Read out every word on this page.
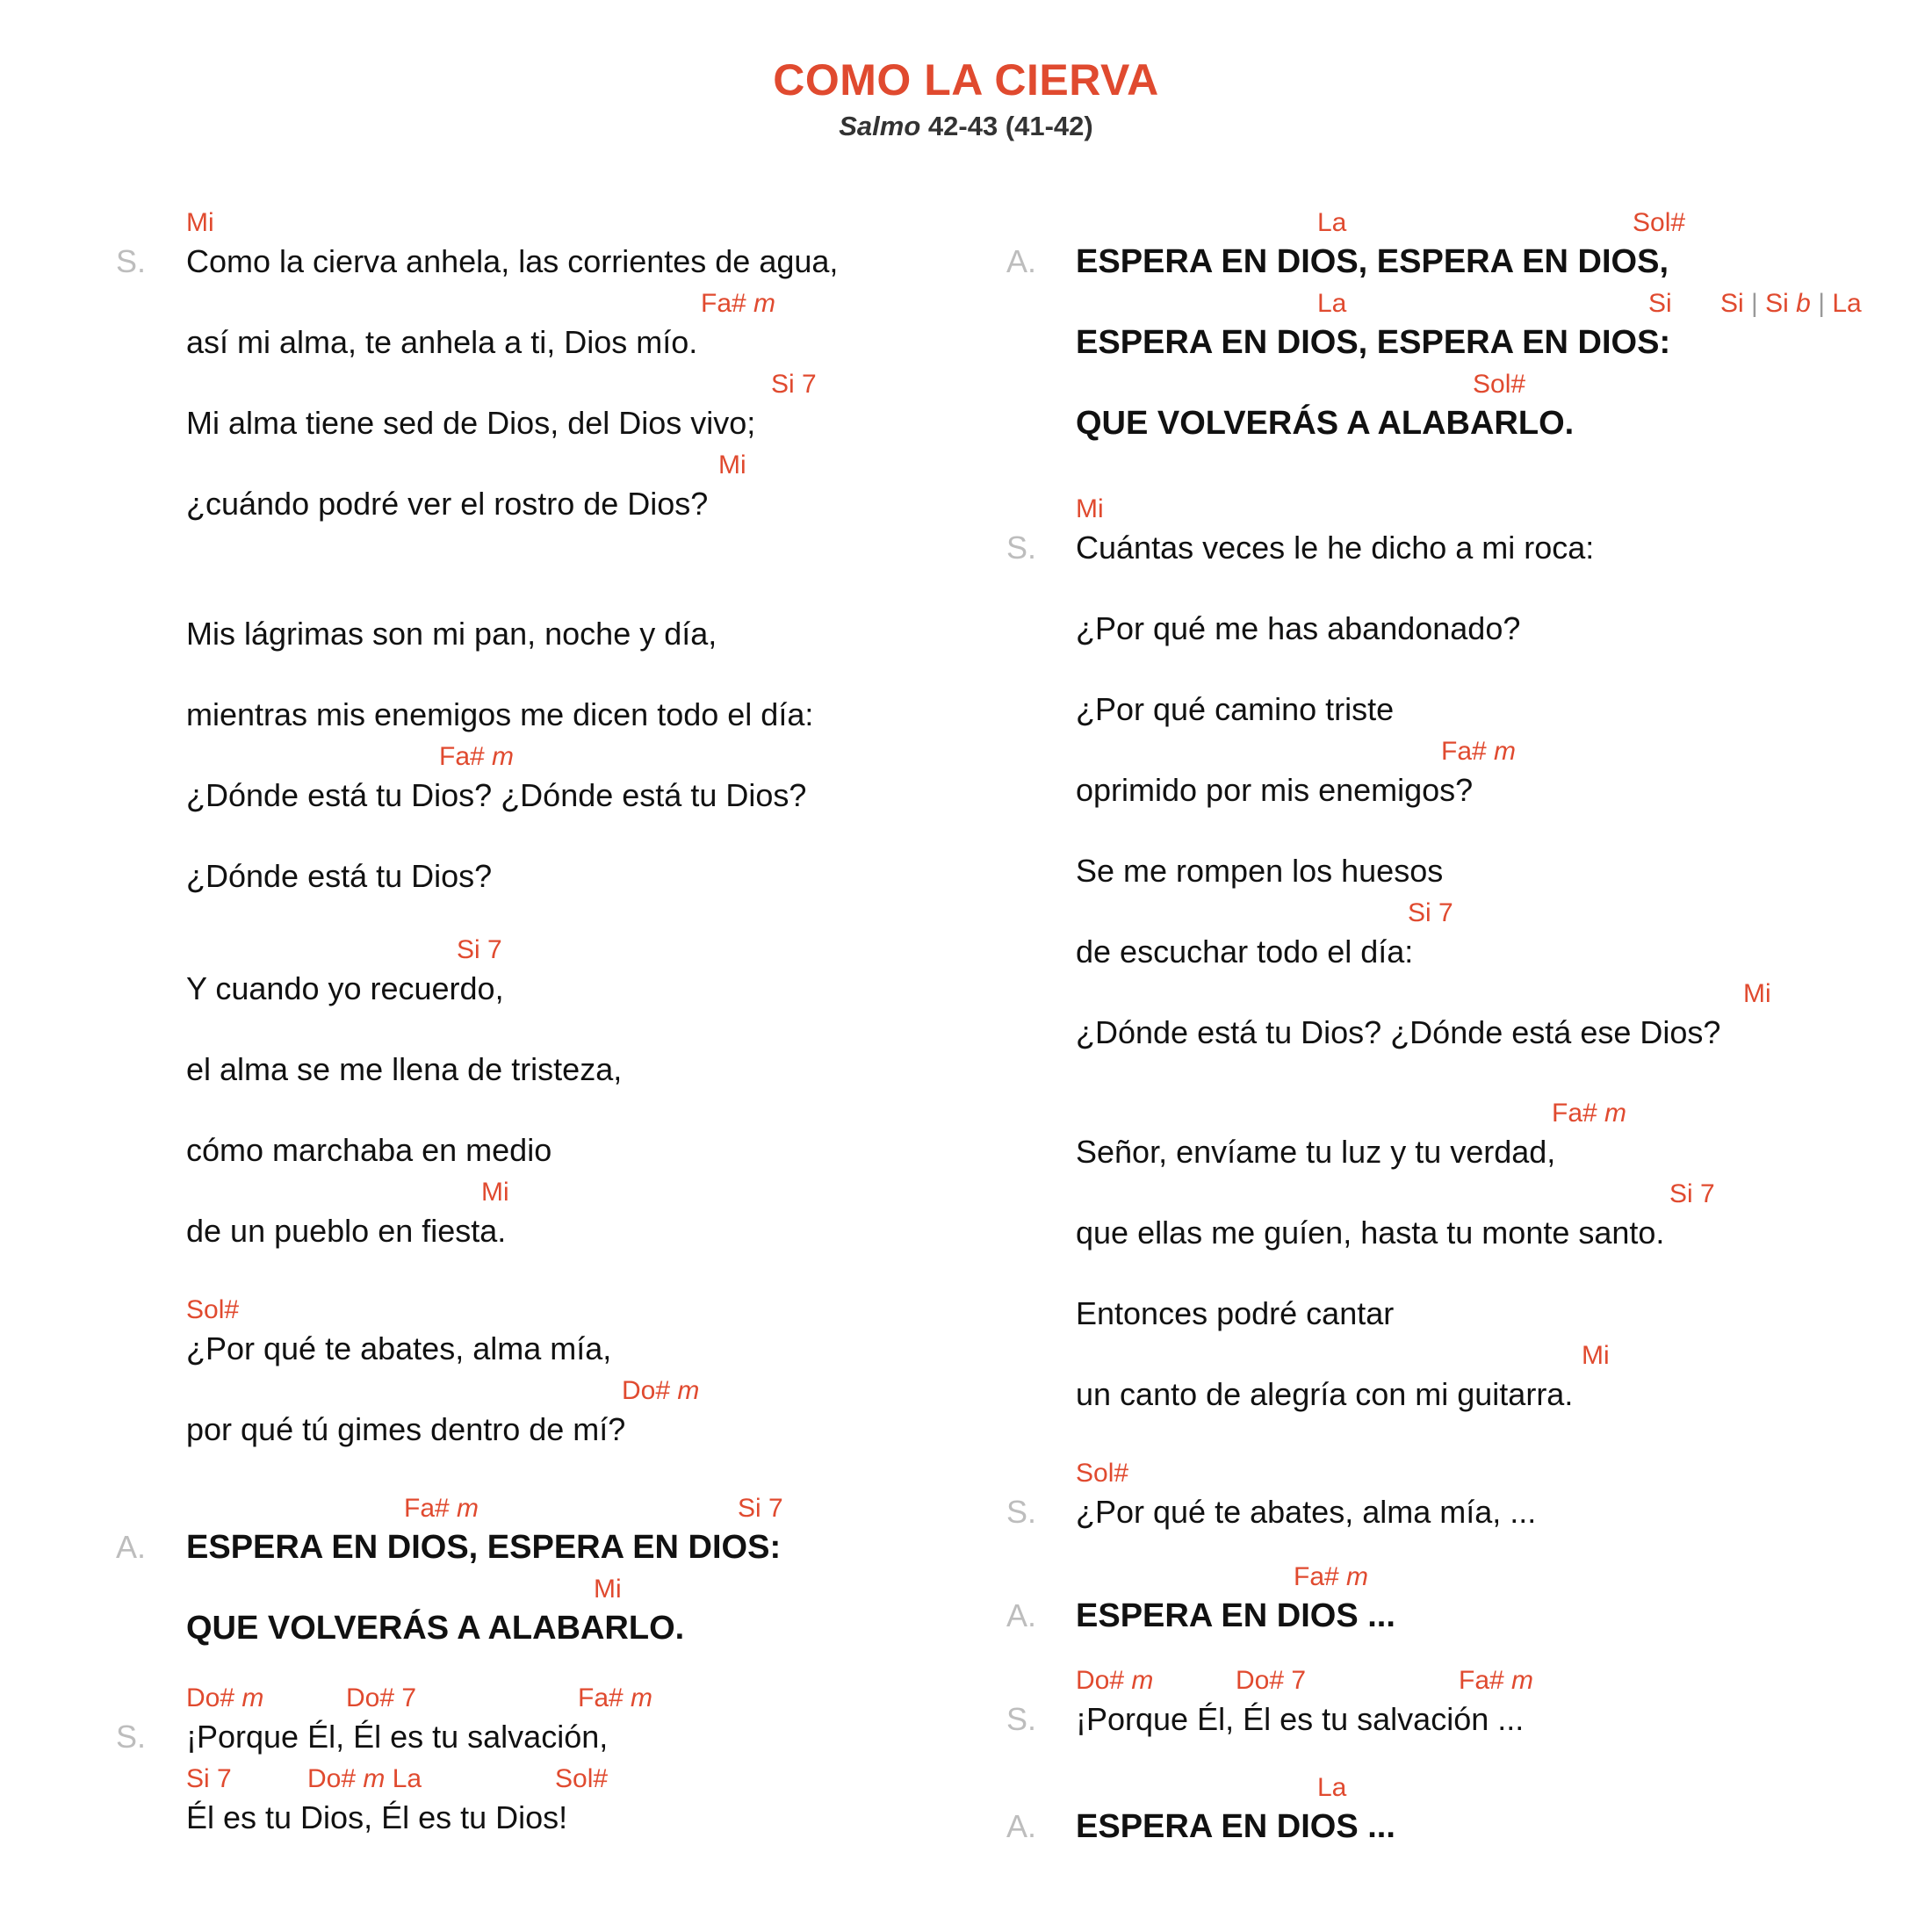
COMO LA CIERVA
Salmo 42-43 (41-42)
S.
Mi
Como la cierva anhela, las corrientes de agua,
Fa# m
así mi alma, te anhela a ti, Dios mío.
Si 7
Mi alma tiene sed de Dios, del Dios vivo;
Mi
¿cuándo podré ver el rostro de Dios?
Mis lágrimas son mi pan, noche y día,
mientras mis enemigos me dicen todo el día:
Fa# m
¿Dónde está tu Dios? ¿Dónde está tu Dios?
¿Dónde está tu Dios?
Si 7
Y cuando yo recuerdo,
el alma se me llena de tristeza,
cómo marchaba en medio
Mi
de un pueblo en fiesta.
Sol#
¿Por qué te abates, alma mía,
Do# m
por qué tú gimes dentro de mí?
A.
Fa# m	Si 7
ESPERA EN DIOS, ESPERA EN DIOS:
Mi
QUE VOLVERÁS A ALABARLO.
S.
Do# m	Do# 7	Fa# m
¡Porque Él, Él es tu salvación,
Si 7	Do# m La	Sol#
Él es tu Dios, Él es tu Dios!
A.
La	Sol#
ESPERA EN DIOS, ESPERA EN DIOS,
La	Si Si | Si b | La
ESPERA EN DIOS, ESPERA EN DIOS:
Sol#
QUE VOLVERÁS A ALABARLO.
S.
Mi
Cuántas veces le he dicho a mi roca:
¿Por qué me has abandonado?
¿Por qué camino triste
Fa# m
oprimido por mis enemigos?
Se me rompen los huesos
Si 7
de escuchar todo el día:
Mi
¿Dónde está tu Dios? ¿Dónde está ese Dios?
Fa# m
Señor, envíame tu luz y tu verdad,
Si 7
que ellas me guíen, hasta tu monte santo.
Entonces podré cantar
Mi
un canto de alegría con mi guitarra.
S.
Sol#
¿Por qué te abates, alma mía, ...
A.
Fa# m
ESPERA EN DIOS ...
S.
Do# m	Do# 7	Fa# m
¡Porque Él, Él es tu salvación ...
A.
La
ESPERA EN DIOS ...
